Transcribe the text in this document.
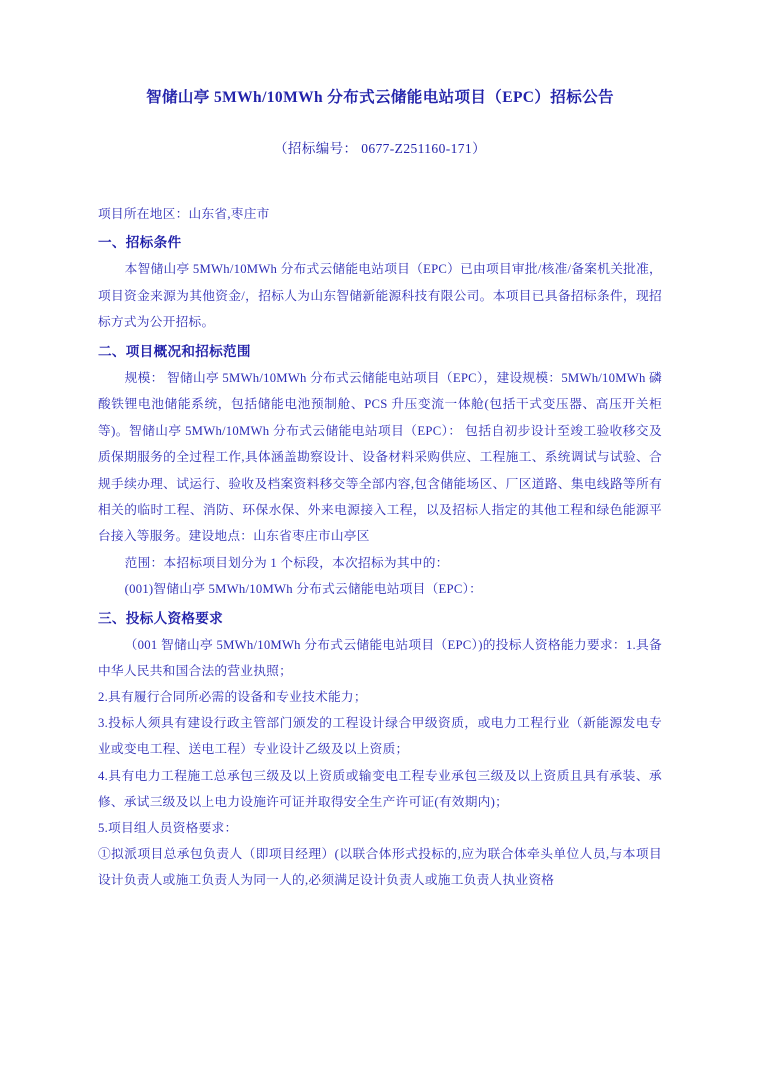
智储山亭 5MWh/10MWh 分布式云储能电站项目（EPC）招标公告
（招标编号： 0677-Z251160-171）
项目所在地区：山东省,枣庄市
一、招标条件
本智储山亭 5MWh/10MWh 分布式云储能电站项目（EPC）已由项目审批/核准/备案机关批准，项目资金来源为其他资金/，招标人为山东智储新能源科技有限公司。本项目已具备招标条件，现招标方式为公开招标。
二、项目概况和招标范围
规模： 智储山亭 5MWh/10MWh 分布式云储能电站项目（EPC），建设规模：5MWh/10MWh 磷酸铁锂电池储能系统，包括储能电池预制舱、PCS 升压变流一体舱(包括干式变压器、高压开关柜等)。智储山亭 5MWh/10MWh 分布式云储能电站项目（EPC）： 包括自初步设计至竣工验收移交及质保期服务的全过程工作,具体涵盖勘察设计、设备材料采购供应、工程施工、系统调试与试验、合规手续办理、试运行、验收及档案资料移交等全部内容,包含储能场区、厂区道路、集电线路等所有相关的临时工程、消防、环保水保、外来电源接入工程，以及招标人指定的其他工程和绿色能源平台接入等服务。建设地点：山东省枣庄市山亭区
范围：本招标项目划分为 1 个标段，本次招标为其中的：
(001)智储山亭 5MWh/10MWh 分布式云储能电站项目（EPC）：
三、投标人资格要求
（001 智储山亭 5MWh/10MWh 分布式云储能电站项目（EPC）)的投标人资格能力要求：1.具备中华人民共和国合法的营业执照；
2.具有履行合同所必需的设备和专业技术能力；
3.投标人须具有建设行政主管部门颁发的工程设计绿合甲级资质，或电力工程行业（新能源发电专业或变电工程、送电工程）专业设计乙级及以上资质；
4.具有电力工程施工总承包三级及以上资质或输变电工程专业承包三级及以上资质且具有承装、承修、承试三级及以上电力设施许可证并取得安全生产许可证(有效期内)；
5.项目组人员资格要求：
①拟派项目总承包负责人（即项目经理）(以联合体形式投标的,应为联合体牵头单位人员,与本项目设计负责人或施工负责人为同一人的,必须满足设计负责人或施工负责人执业资格
